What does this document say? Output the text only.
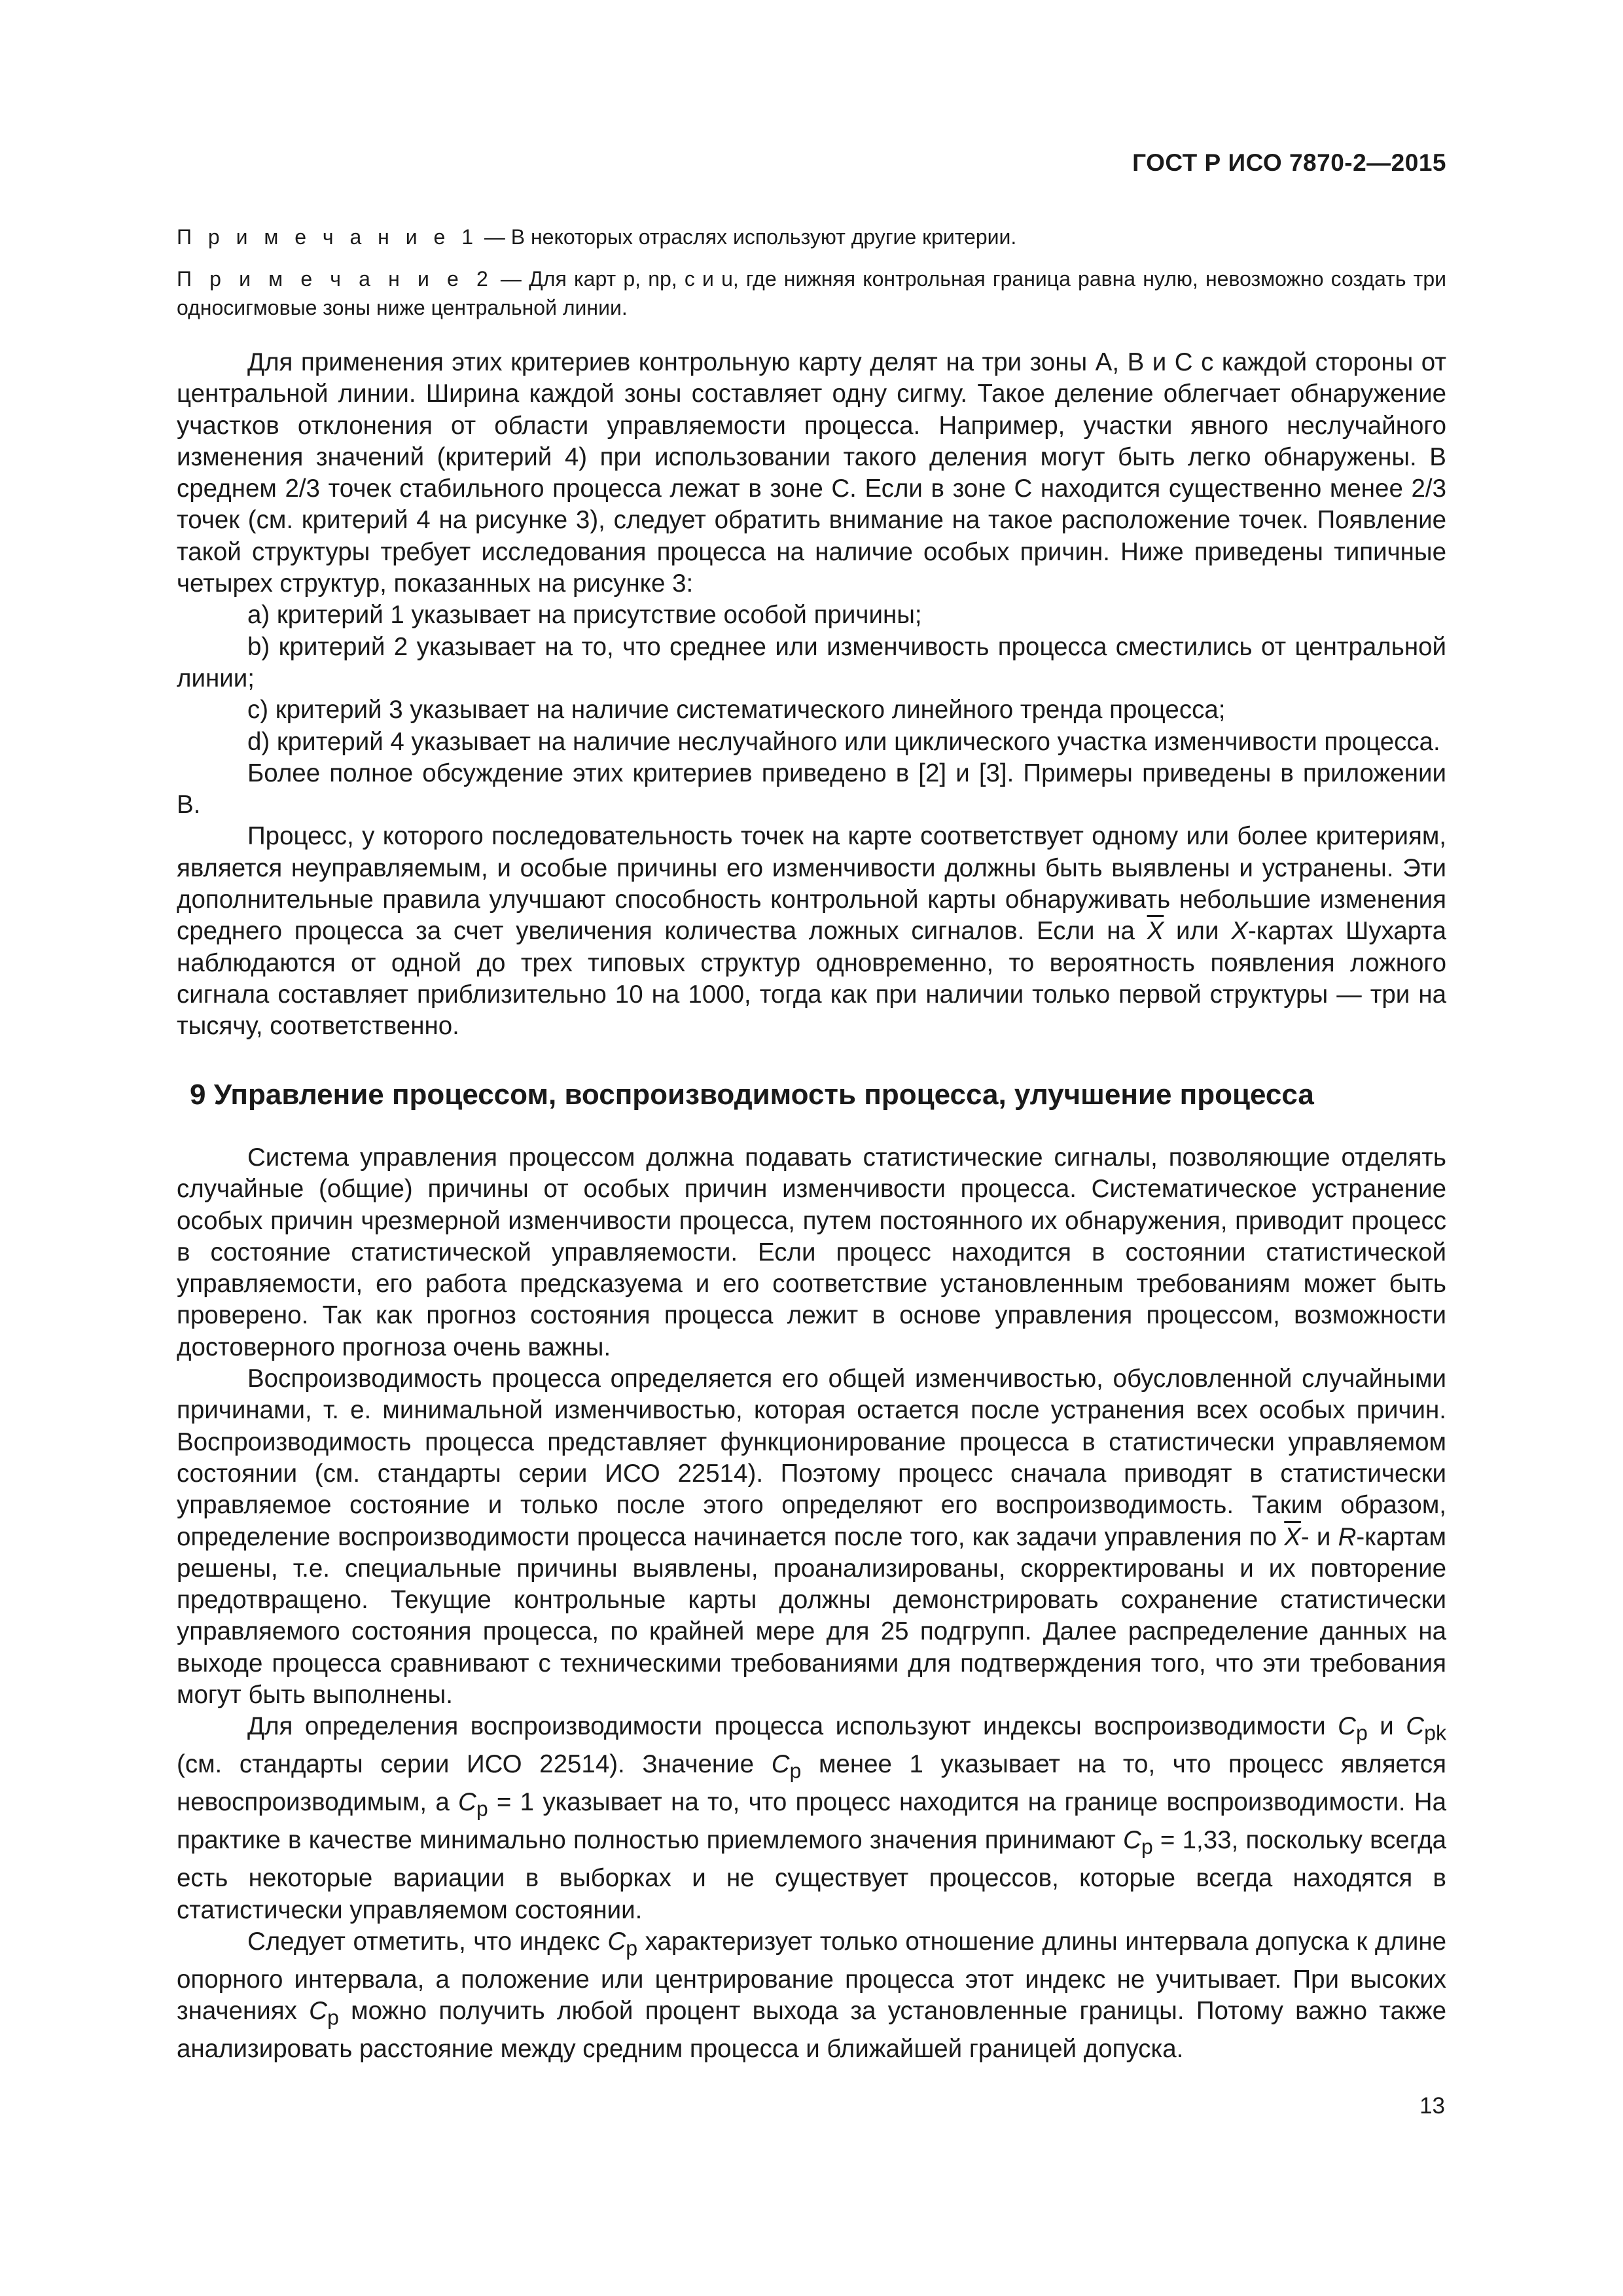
ГОСТ Р ИСО 7870-2—2015

П р и м е ч а н и е 1 — В некоторых отраслях используют другие критерии.

П р и м е ч а н и е 2 — Для карт p, np, c и u, где нижняя контрольная граница равна нулю, невозможно создать три односигмовые зоны ниже центральной линии.

Для применения этих критериев контрольную карту делят на три зоны А, В и С с каждой стороны от центральной линии. Ширина каждой зоны составляет одну сигму. Такое деление облегчает обнаружение участков отклонения от области управляемости процесса. Например, участки явного неслучайного изменения значений (критерий 4) при использовании такого деления могут быть легко обнаружены. В среднем 2/3 точек стабильного процесса лежат в зоне С. Если в зоне С находится существенно менее 2/3 точек (см. критерий 4 на рисунке 3), следует обратить внимание на такое расположение точек. Появление такой структуры требует исследования процесса на наличие особых причин. Ниже приведены типичные четырех структур, показанных на рисунке 3:

a) критерий 1 указывает на присутствие особой причины;

b) критерий 2 указывает на то, что среднее или изменчивость процесса сместились от центральной линии;

c) критерий 3 указывает на наличие систематического линейного тренда процесса;

d) критерий 4 указывает на наличие неслучайного или циклического участка изменчивости процесса.

Более полное обсуждение этих критериев приведено в [2] и [3]. Примеры приведены в приложении В.

Процесс, у которого последовательность точек на карте соответствует одному или более критериям, является неуправляемым, и особые причины его изменчивости должны быть выявлены и устранены. Эти дополнительные правила улучшают способность контрольной карты обнаруживать небольшие изменения среднего процесса за счет увеличения количества ложных сигналов. Если на $\overline{X}$ или X-картах Шухарта наблюдаются от одной до трех типовых структур одновременно, то вероятность появления ложного сигнала составляет приблизительно 10 на 1000, тогда как при наличии только первой структуры — три на тысячу, соответственно.

9 Управление процессом, воспроизводимость процесса, улучшение процесса

Система управления процессом должна подавать статистические сигналы, позволяющие отделять случайные (общие) причины от особых причин изменчивости процесса. Систематическое устранение особых причин чрезмерной изменчивости процесса, путем постоянного их обнаружения, приводит процесс в состояние статистической управляемости. Если процесс находится в состоянии статистической управляемости, его работа предсказуема и его соответствие установленным требованиям может быть проверено. Так как прогноз состояния процесса лежит в основе управления процессом, возможности достоверного прогноза очень важны.

Воспроизводимость процесса определяется его общей изменчивостью, обусловленной случайными причинами, т. е. минимальной изменчивостью, которая остается после устранения всех особых причин. Воспроизводимость процесса представляет функционирование процесса в статистически управляемом состоянии (см. стандарты серии ИСО 22514). Поэтому процесс сначала приводят в статистически управляемое состояние и только после этого определяют его воспроизводимость. Таким образом, определение воспроизводимости процесса начинается после того, как задачи управления по $\overline{X}-$ и R-картам решены, т.е. специальные причины выявлены, проанализированы, скорректированы и их повторение предотвращено. Текущие контрольные карты должны демонстрировать сохранение статистически управляемого состояния процесса, по крайней мере для 25 подгрупп. Далее распределение данных на выходе процесса сравнивают с техническими требованиями для подтверждения того, что эти требования могут быть выполнены.

Для определения воспроизводимости процесса используют индексы воспроизводимости $C_p$ и $C_{pk}$ (см. стандарты серии ИСО 22514). Значение $C_p$ менее 1 указывает на то, что процесс является невоспроизводимым, а $C_p = 1$ указывает на то, что процесс находится на границе воспроизводимости. На практике в качестве минимально полностью приемлемого значения принимают $C_p = 1,33$, поскольку всегда есть некоторые вариации в выборках и не существует процессов, которые всегда находятся в статистически управляемом состоянии.

Следует отметить, что индекс $C_p$ характеризует только отношение длины интервала допуска к длине опорного интервала, а положение или центрирование процесса этот индекс не учитывает. При высоких значениях $C_p$ можно получить любой процент выхода за установленные границы. Потому важно также анализировать расстояние между средним процесса и ближайшей границей допуска.

13
